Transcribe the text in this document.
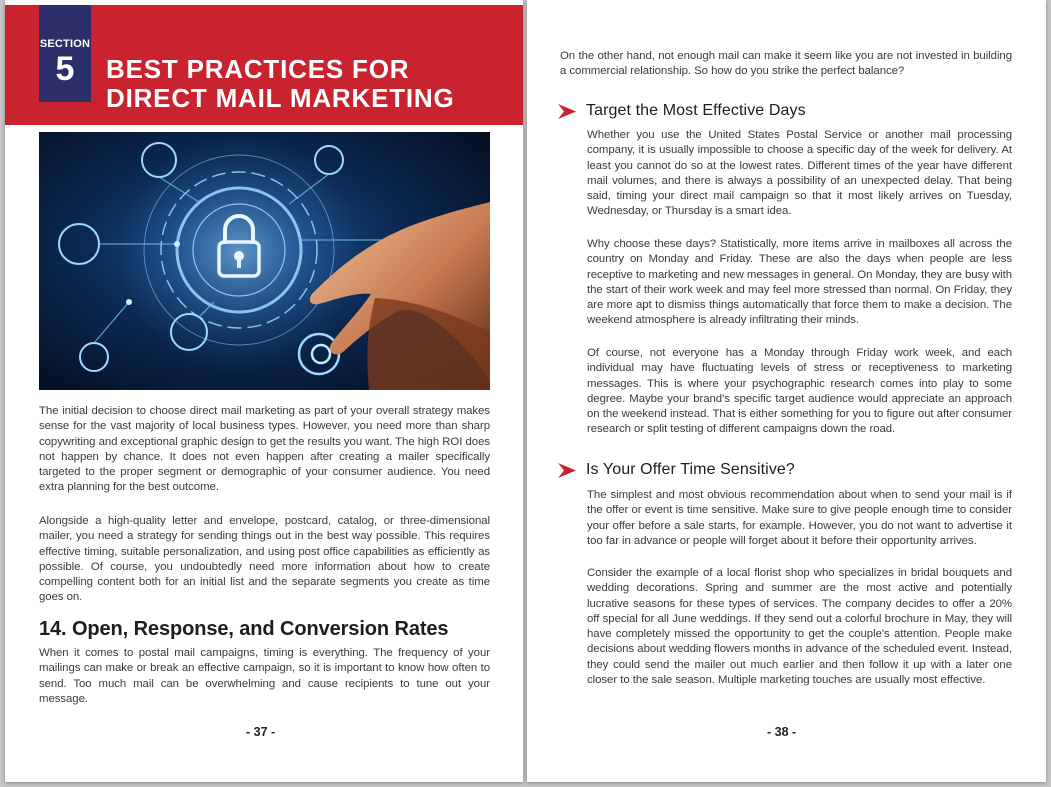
SECTION
5	BEST PRACTICES FOR
DIRECT MAIL MARKETING

The initial decision to choose direct mail marketing as part of your overall strategy makes sense for the vast majority of local business types. However, you need more than sharp copywriting and exceptional graphic design to get the results you want. The high ROI does not happen by chance. It does not even happen after creating a mailer specifically targeted to the proper segment or demographic of your consumer audience. You need extra planning for the best outcome.

Alongside a high-quality letter and envelope, postcard, catalog, or three-dimensional mailer, you need a strategy for sending things out in the best way possible. This requires effective timing, suitable personalization, and using post office capabilities as efficiently as possible. Of course, you undoubtedly need more information about how to create compelling content both for an initial list and the separate segments you create as time goes on.

14. Open, Response, and Conversion Rates

When it comes to postal mail campaigns, timing is everything. The frequency of your mailings can make or break an effective campaign, so it is important to know how often to send. Too much mail can be overwhelming and cause recipients to tune out your message.

- 37 -

On the other hand, not enough mail can make it seem like you are not invested in building a commercial relationship. So how do you strike the perfect balance?

Target the Most Effective Days

Whether you use the United States Postal Service or another mail processing company, it is usually impossible to choose a specific day of the week for delivery. At least you cannot do so at the lowest rates. Different times of the year have different mail volumes, and there is always a possibility of an unexpected delay. That being said, timing your direct mail campaign so that it most likely arrives on Tuesday, Wednesday, or Thursday is a smart idea.

Why choose these days? Statistically, more items arrive in mailboxes all across the country on Monday and Friday. These are also the days when people are less receptive to marketing and new messages in general. On Monday, they are busy with the start of their work week and may feel more stressed than normal. On Friday, they are more apt to dismiss things automatically that force them to make a decision. The weekend atmosphere is already infiltrating their minds.

Of course, not everyone has a Monday through Friday work week, and each individual may have fluctuating levels of stress or receptiveness to marketing messages. This is where your psychographic research comes into play to some degree. Maybe your brand's specific target audience would appreciate an approach on the weekend instead. That is either something for you to figure out after consumer research or split testing of different campaigns down the road.

Is Your Offer Time Sensitive?

The simplest and most obvious recommendation about when to send your mail is if the offer or event is time sensitive. Make sure to give people enough time to consider your offer before a sale starts, for example. However, you do not want to advertise it too far in advance or people will forget about it before their opportunity arrives.

Consider the example of a local florist shop who specializes in bridal bouquets and wedding decorations. Spring and summer are the most active and potentially lucrative seasons for these types of services. The company decides to offer a 20% off special for all June weddings. If they send out a colorful brochure in May, they will have completely missed the opportunity to get the couple's attention. People make decisions about wedding flowers months in advance of the scheduled event. Instead, they could send the mailer out much earlier and then follow it up with a later one closer to the sale season. Multiple marketing touches are usually most effective.

- 38 -
